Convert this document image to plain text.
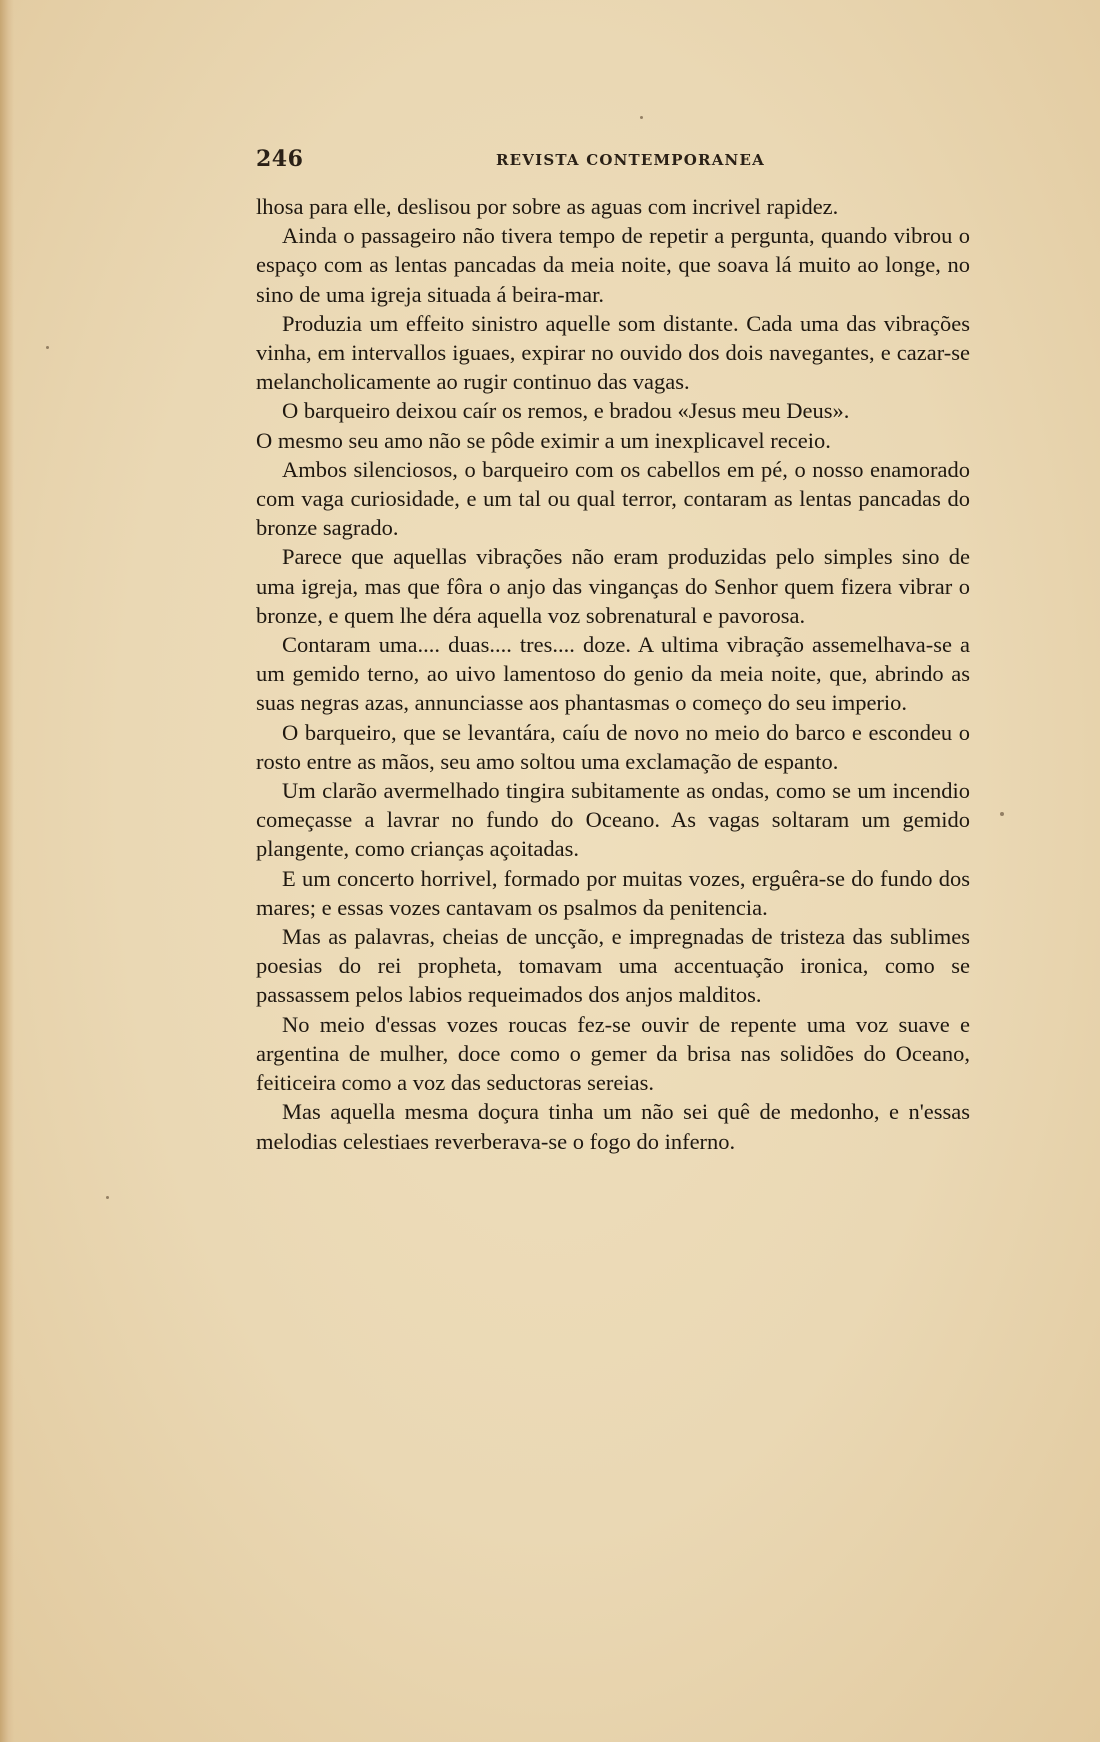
246	REVISTA CONTEMPORANEA

lhosa para elle, deslisou por sobre as aguas com incrivel rapidez.

Ainda o passageiro não tivera tempo de repetir a pergunta, quando vibrou o espaço com as lentas pancadas da meia noite, que soava lá muito ao longe, no sino de uma igreja situada á beira-mar.

Produzia um effeito sinistro aquelle som distante. Cada uma das vibrações vinha, em intervallos iguaes, expirar no ouvido dos dois navegantes, e cazar-se melancholicamente ao rugir continuo das vagas.

O barqueiro deixou caír os remos, e bradou «Jesus meu Deus».

O mesmo seu amo não se pôde eximir a um inexplicavel receio.

Ambos silenciosos, o barqueiro com os cabellos em pé, o nosso enamorado com vaga curiosidade, e um tal ou qual terror, contaram as lentas pancadas do bronze sagrado.

Parece que aquellas vibrações não eram produzidas pelo simples sino de uma igreja, mas que fôra o anjo das vinganças do Senhor quem fizera vibrar o bronze, e quem lhe déra aquella voz sobrenatural e pavorosa.

Contaram uma.... duas.... tres.... doze. A ultima vibração assemelhava-se a um gemido terno, ao uivo lamentoso do genio da meia noite, que, abrindo as suas negras azas, annunciasse aos phantasmas o começo do seu imperio.

O barqueiro, que se levantára, caíu de novo no meio do barco e escondeu o rosto entre as mãos, seu amo soltou uma exclamação de espanto.

Um clarão avermelhado tingira subitamente as ondas, como se um incendio começasse a lavrar no fundo do Oceano. As vagas soltaram um gemido plangente, como crianças açoitadas.

E um concerto horrivel, formado por muitas vozes, erguêra-se do fundo dos mares; e essas vozes cantavam os psalmos da penitencia.

Mas as palavras, cheias de uncção, e impregnadas de tristeza das sublimes poesias do rei propheta, tomavam uma accentuação ironica, como se passassem pelos labios requeimados dos anjos malditos.

No meio d'essas vozes roucas fez-se ouvir de repente uma voz suave e argentina de mulher, doce como o gemer da brisa nas solidões do Oceano, feiticeira como a voz das seductoras sereias.

Mas aquella mesma doçura tinha um não sei quê de medonho, e n'essas melodias celestiaes reverberava-se o fogo do inferno.
